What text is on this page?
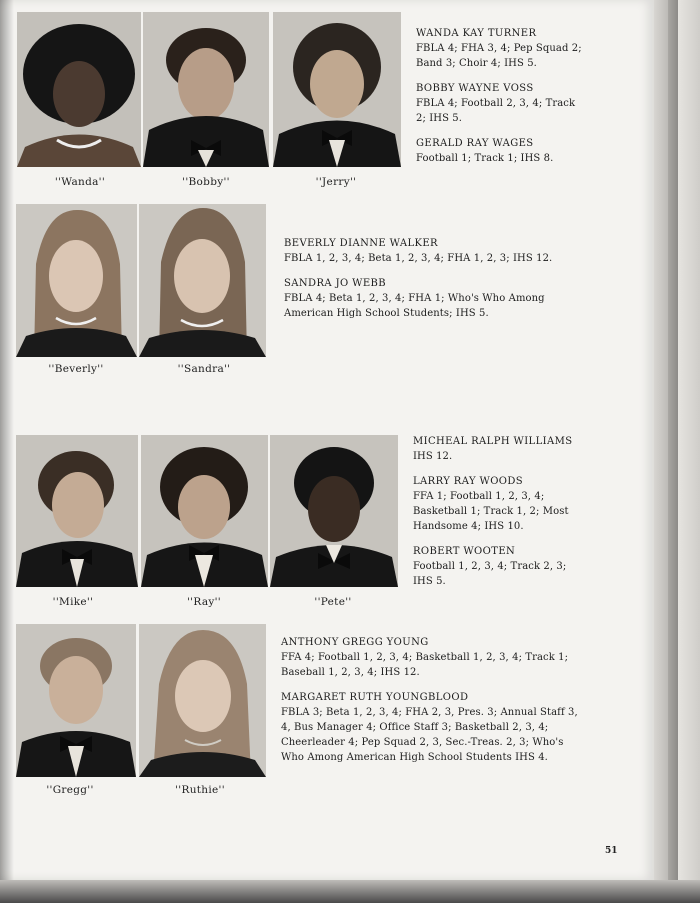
''Wanda''	''Bobby''	''Jerry''
WANDA KAY TURNER
FBLA 4; FHA 3, 4; Pep Squad 2; Band 3; Choir 4; IHS 5.
BOBBY WAYNE VOSS
FBLA 4; Football 2, 3, 4; Track 2; IHS 5.
GERALD RAY WAGES
Football 1; Track 1; IHS 8.
''Beverly''	''Sandra''
BEVERLY DIANNE WALKER
FBLA 1, 2, 3, 4; Beta 1, 2, 3, 4; FHA 1, 2, 3; IHS 12.
SANDRA JO WEBB
FBLA 4; Beta 1, 2, 3, 4; FHA 1; Who's Who Among American High School Students; IHS 5.
''Mike''	''Ray''	''Pete''
MICHEAL RALPH WILLIAMS
IHS 12.
LARRY RAY WOODS
FFA 1; Football 1, 2, 3, 4; Basketball 1; Track 1, 2; Most Handsome 4; IHS 10.
ROBERT WOOTEN
Football 1, 2, 3, 4; Track 2, 3; IHS 5.
''Gregg''	''Ruthie''
ANTHONY GREGG YOUNG
FFA 4; Football 1, 2, 3, 4; Basketball 1, 2, 3, 4; Track 1; Baseball 1, 2, 3, 4; IHS 12.
MARGARET RUTH YOUNGBLOOD
FBLA 3; Beta 1, 2, 3, 4; FHA 2, 3, Pres. 3; Annual Staff 3, 4, Bus Manager 4; Office Staff 3; Basketball 2, 3, 4; Cheerleader 4; Pep Squad 2, 3, Sec.-Treas. 2, 3; Who's Who Among American High School Students IHS 4.
51
